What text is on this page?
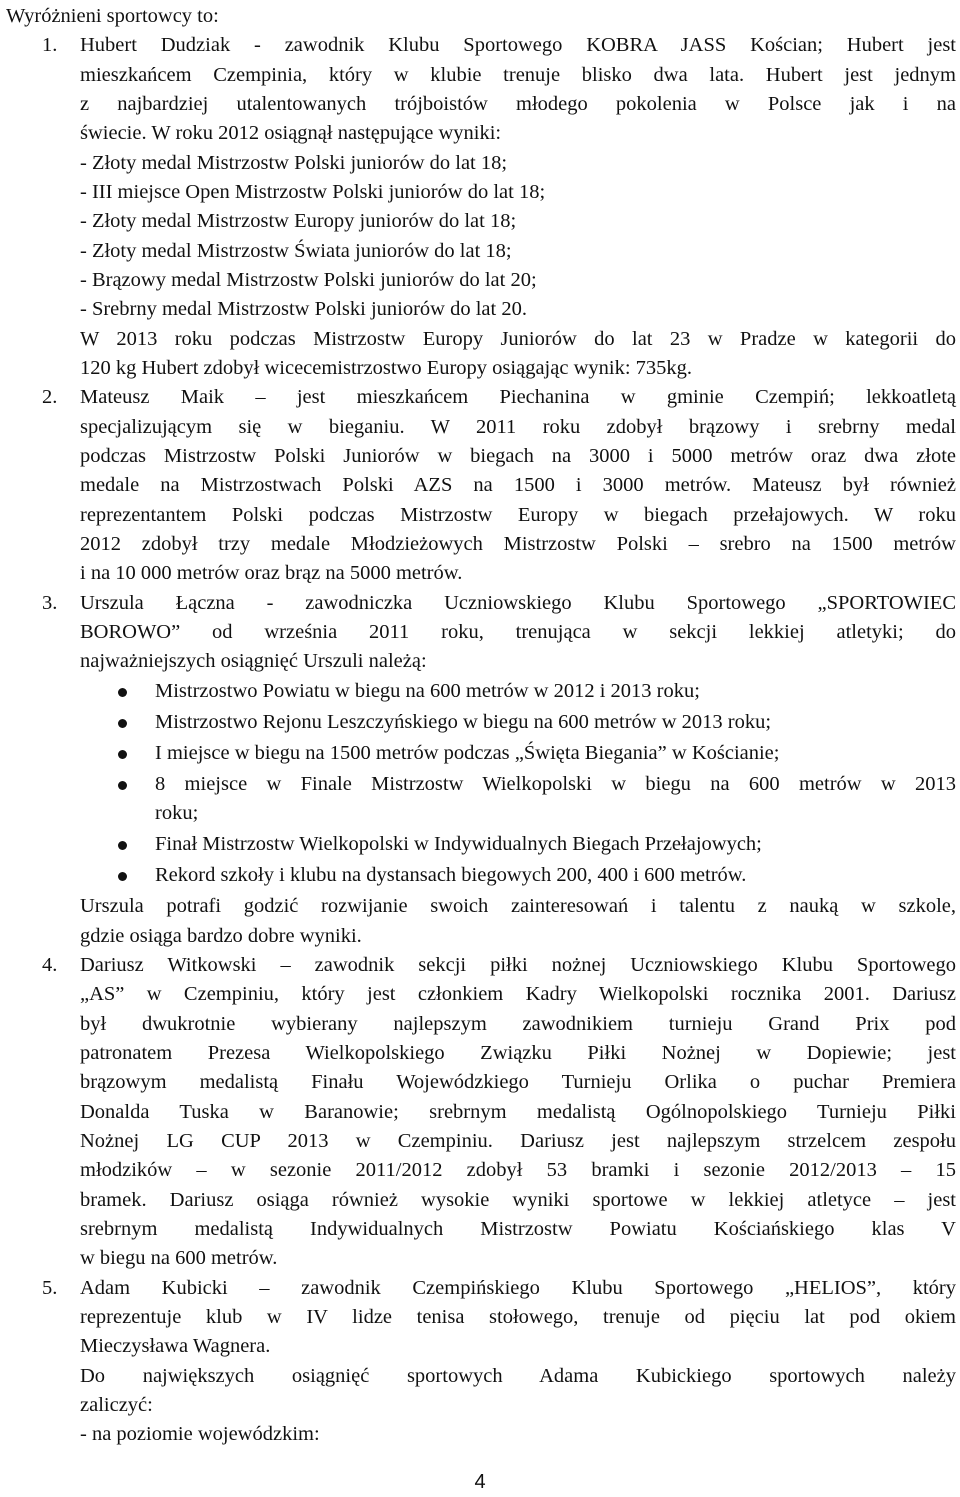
Wyróżnieni sportowcy to:
1. Hubert Dudziak - zawodnik Klubu Sportowego KOBRA JASS Kościan; Hubert jest
mieszkańcem Czempinia, który w klubie trenuje blisko dwa lata. Hubert jest jednym
z najbardziej utalentowanych trójboistów młodego pokolenia w Polsce jak i na
świecie. W roku 2012 osiągnął następujące wyniki:
- Złoty medal Mistrzostw Polski juniorów do lat 18;
- III miejsce Open Mistrzostw Polski juniorów do lat 18;
- Złoty medal Mistrzostw Europy juniorów do lat 18;
- Złoty medal Mistrzostw Świata juniorów do lat 18;
- Brązowy medal Mistrzostw Polski juniorów do lat 20;
- Srebrny medal Mistrzostw Polski juniorów do lat 20.
W 2013 roku podczas Mistrzostw Europy Juniorów do lat 23 w Pradze w kategorii do
120 kg Hubert zdobył wicecemistrzostwo Europy osiągając wynik: 735kg.
2. Mateusz Maik – jest mieszkańcem Piechanina w gminie Czempiń; lekkoatletą
specjalizującym się w bieganiu. W 2011 roku zdobył brązowy i srebrny medal
podczas Mistrzostw Polski Juniorów w biegach na 3000 i 5000 metrów oraz dwa złote
medale na Mistrzostwach Polski AZS na 1500 i 3000 metrów. Mateusz był również
reprezentantem Polski podczas Mistrzostw Europy w biegach przełajowych. W roku
2012 zdobył trzy medale Młodzieżowych Mistrzostw Polski – srebro na 1500 metrów
i na 10 000 metrów oraz brąz na 5000 metrów.
3. Urszula Łączna - zawodniczka Uczniowskiego Klubu Sportowego „SPORTOWIEC
BOROWO” od września 2011 roku, trenująca w sekcji lekkiej atletyki; do
najważniejszych osiągnięć Urszuli należą:
Mistrzostwo Powiatu w biegu na 600 metrów w 2012 i 2013 roku;
Mistrzostwo Rejonu Leszczyńskiego w biegu na 600 metrów w 2013 roku;
I miejsce w biegu na 1500 metrów podczas „Święta Biegania” w Kościanie;
8 miejsce w Finale Mistrzostw Wielkopolski w biegu na 600 metrów w 2013
roku;
Finał Mistrzostw Wielkopolski w Indywidualnych Biegach Przełajowych;
Rekord szkoły i klubu na dystansach biegowych 200, 400 i 600 metrów.
Urszula potrafi godzić rozwijanie swoich zainteresowań i talentu z nauką w szkole,
gdzie osiąga bardzo dobre wyniki.
4. Dariusz Witkowski – zawodnik sekcji piłki nożnej Uczniowskiego Klubu Sportowego
„AS” w Czempiniu, który jest członkiem Kadry Wielkopolski rocznika 2001. Dariusz
był dwukrotnie wybierany najlepszym zawodnikiem turnieju Grand Prix pod
patronatem Prezesa Wielkopolskiego Związku Piłki Nożnej w Dopiewie; jest
brązowym medalistą Finału Wojewódzkiego Turnieju Orlika o puchar Premiera
Donalda Tuska w Baranowie; srebrnym medalistą Ogólnopolskiego Turnieju Piłki
Nożnej LG CUP 2013 w Czempiniu. Dariusz jest najlepszym strzelcem zespołu
młodzików – w sezonie 2011/2012 zdobył 53 bramki i sezonie 2012/2013 – 15
bramek. Dariusz osiąga również wysokie wyniki sportowe w lekkiej atletyce – jest
srebrnym medalistą Indywidualnych Mistrzostw Powiatu Kościańskiego klas V
w biegu na 600 metrów.
5. Adam Kubicki – zawodnik Czempińskiego Klubu Sportowego „HELIOS”, który
reprezentuje klub w IV lidze tenisa stołowego, trenuje od pięciu lat pod okiem
Mieczysława Wagnera.
Do największych osiągnięć sportowych Adama Kubickiego sportowych należy
zaliczyć:
- na poziomie wojewódzkim:
4
